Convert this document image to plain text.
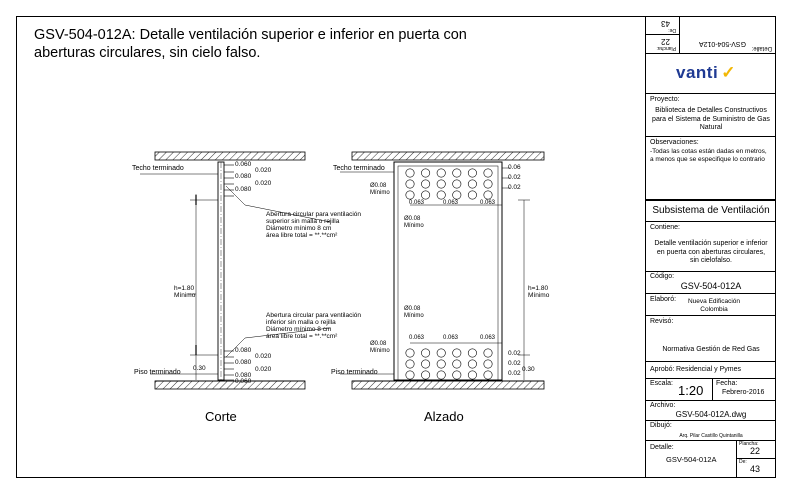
GSV-504-012A: Detalle ventilación superior e inferior en puerta con aberturas circulares, sin cielo falso.
Techo terminado
Piso terminado
h=1.80
Mínimo
0.30
0.060
0.020
0.080
0.020
0.080
0.080
0.020
0.080
0.020
0.080
0.060
Abertura circular para ventilación
superior sin malla o rejilla
Diámetro mínimo 8 cm
área libre total = **.**cm²
Abertura circular para ventilación
inferior sin malla o rejilla
Diámetro mínimo 8 cm
área libre total = **.**cm²
Techo terminado
Piso terminado
Ø0.08
Mínimo
Ø0.08
Mínimo
Ø0.08
Mínimo
Ø0.08
Mínimo
0.063	0.063	0.063
0.063	0.063	0.063
0.06
0.02
0.02
0.02
0.02
0.02
h=1.80
Mínimo
0.30
Corte	Alzado
Detalle:
GSV-504-012A
Plancha:
22
De:
43
vanti ✓
Proyecto:
Biblioteca de Detalles Constructivos para el Sistema de Suministro de Gas Natural
Observaciones:
-Todas las cotas están dadas en metros, a menos que se especifique lo contrario
Subsistema de Ventilación
Contiene:
Detalle ventilación superior e inferior en puerta con aberturas circulares, sin cielofalso.
Código:
GSV-504-012A
Elaboró:	Nueva Edificación Colombia
Revisó:
Normativa Gestión de Red Gas
Aprobó: Residencial y Pymes
Escala: 1:20 Fecha:
Febrero-2016
Archivo:
GSV-504-012A.dwg
Dibujó:
Arq. Pilar Castillo Quintanilla
Detalle:
GSV-504-012A
Plancha:
22
De:
43
